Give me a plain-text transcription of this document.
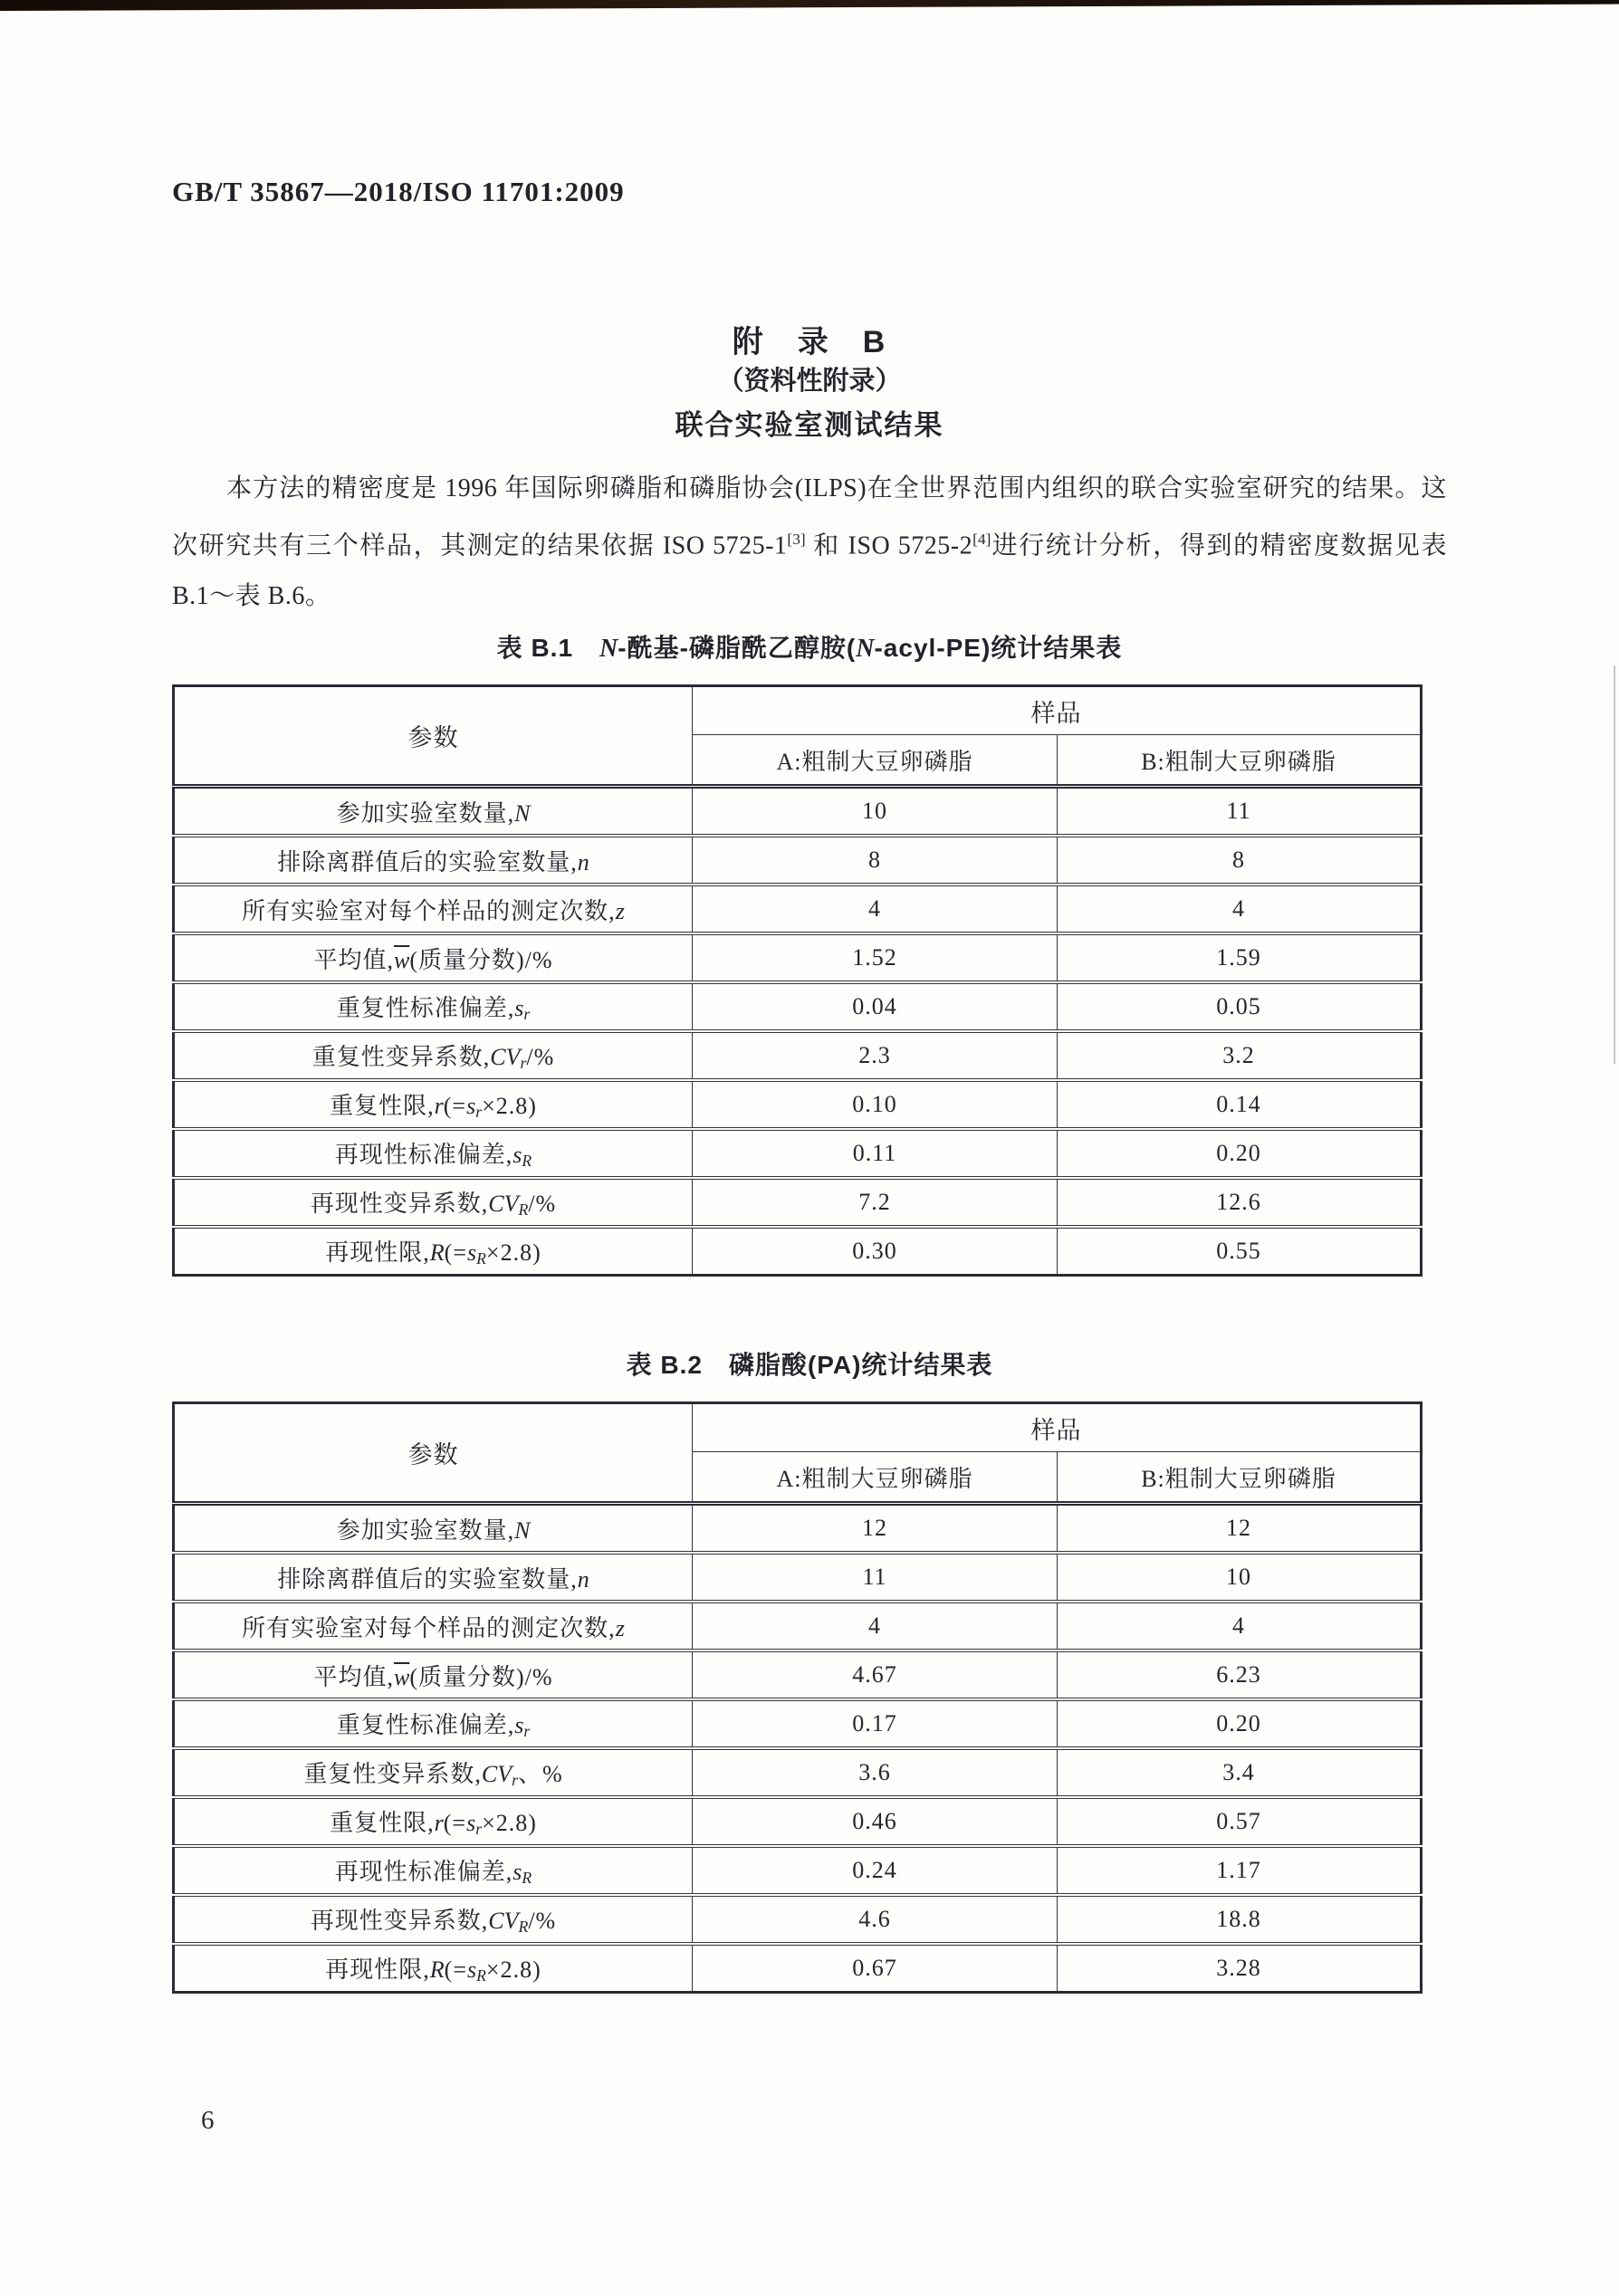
GB/T 35867—2018/ISO 11701:2009
附　录　B
（资料性附录）
联合实验室测试结果

本方法的精密度是 1996 年国际卵磷脂和磷脂协会(ILPS)在全世界范围内组织的联合实验室研究的结果。这次研究共有三个样品，其测定的结果依据 ISO 5725-1[3] 和 ISO 5725-2[4]进行统计分析，得到的精密度数据见表 B.1～表 B.6。

表 B.1　N-酰基-磷脂酰乙醇胺(N-acyl-PE)统计结果表
参数	样品	
	A:粗制大豆卵磷脂	B:粗制大豆卵磷脂
参加实验室数量,N	10	11
排除离群值后的实验室数量,n	8	8
所有实验室对每个样品的测定次数,z	4	4
平均值$,\overline{w}$(质量分数)/%	1.52	1.59
重复性标准偏差$,s_r$	0.04	0.05
重复性变异系数$,CV_r/\%$	2.3	3.2
重复性限$,r(=s_r\times 2.8)$	0.10	0.14
再现性标准偏差$,s_R$	0.11	0.20
再现性变异系数$,CV_R/\%$	7.2	12.6
再现性限$,R(=s_R\times 2.8)$	0.30	0.55
表 B.2　磷脂酸(PA)统计结果表
参数	样品	
	A:粗制大豆卵磷脂	B:粗制大豆卵磷脂
参加实验室数量,N	12	12
排除离群值后的实验室数量,n	11	10
所有实验室对每个样品的测定次数,z	4	4
平均值$,\overline{w}$(质量分数)/%	4.67	6.23
重复性标准偏差$,s_r$	0.17	0.20
重复性变异系数$,CV_r$、%	3.6	3.4
重复性限$,r(=s_r\times 2.8)$	0.46	0.57
再现性标准偏差$,s_R$	0.24	1.17
再现性变异系数$,CV_R/\%$	4.6	18.8
再现性限$,R(=s_R\times 2.8)$	0.67	3.28
6
